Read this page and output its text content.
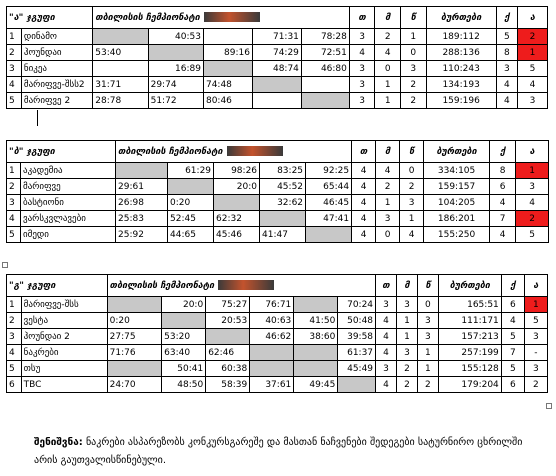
"ა" ჯგუფი		თბილისის ჩემპიონატი					თ	მ	წ	ბურთები	ქ	ა
1	დინამო		40:53		71:31	78:28	3	2	1	189:112	5	2
2	ჰოუნდაი	53:40		89:16	74:29	72:51	4	4	0	288:136	8	1
3	ნიკეა		16:89		48:74	46:80	3	0	3	110:243	3	5
4	მარიფვე-შსს2	31:71	29:74	74:48			3	1	2	134:193	4	4
5	მარიფვე 2	28:78	51:72	80:46			3	1	2	159:196	4	3
"ბ" ჯგუფი		თბილისის ჩემპიონატი					თ	მ	წ	ბურთები	ქ	ა
1	აკადემია		61:29	98:26	83:25	92:25	4	4	0	334:105	8	1
2	მარიფვე	29:61		20:0	45:52	65:44	4	2	2	159:157	6	3
3	ბასტიონი	26:98	0:20		32:62	46:45	4	1	3	104:205	4	4
4	ვარსკვლავები	25:83	52:45	62:32		47:41	4	3	1	186:201	7	2
5	იმედი	25:92	44:65	45:46	41:47		4	0	4	155:250	4	5
"გ" ჯგუფი		თბილისის ჩემპიონატი						თ	მ	წ	ბურთები	ქ	ა
1	მარიფვე-შსს		20:0	75:27	76:71		70:24	3	3	0	165:51	6	1
2	ვესტა	0:20		20:53	40:63	41:50	50:48	4	1	3	111:171	4	5
3	ჰოუნდაი 2	27:75	53:20		46:62	38:60	39:58	4	1	3	157:213	5	3
4	ნაკრები	71:76	63:40	62:46			61:37	4	3	1	257:199	7	-
5	თსუ		50:41	60:38			45:49	3	2	1	155:128	5	3
6	TBC	24:70	48:50	58:39	37:61	49:45		4	2	2	179:204	6	2
შენიშვნა: ნაკრები ასპარეზობს კონკურსგარეშე და მასთან ნაჩვენები შედეგები სატურნირო ცხრილში არის გაუთვალისწინებული.
